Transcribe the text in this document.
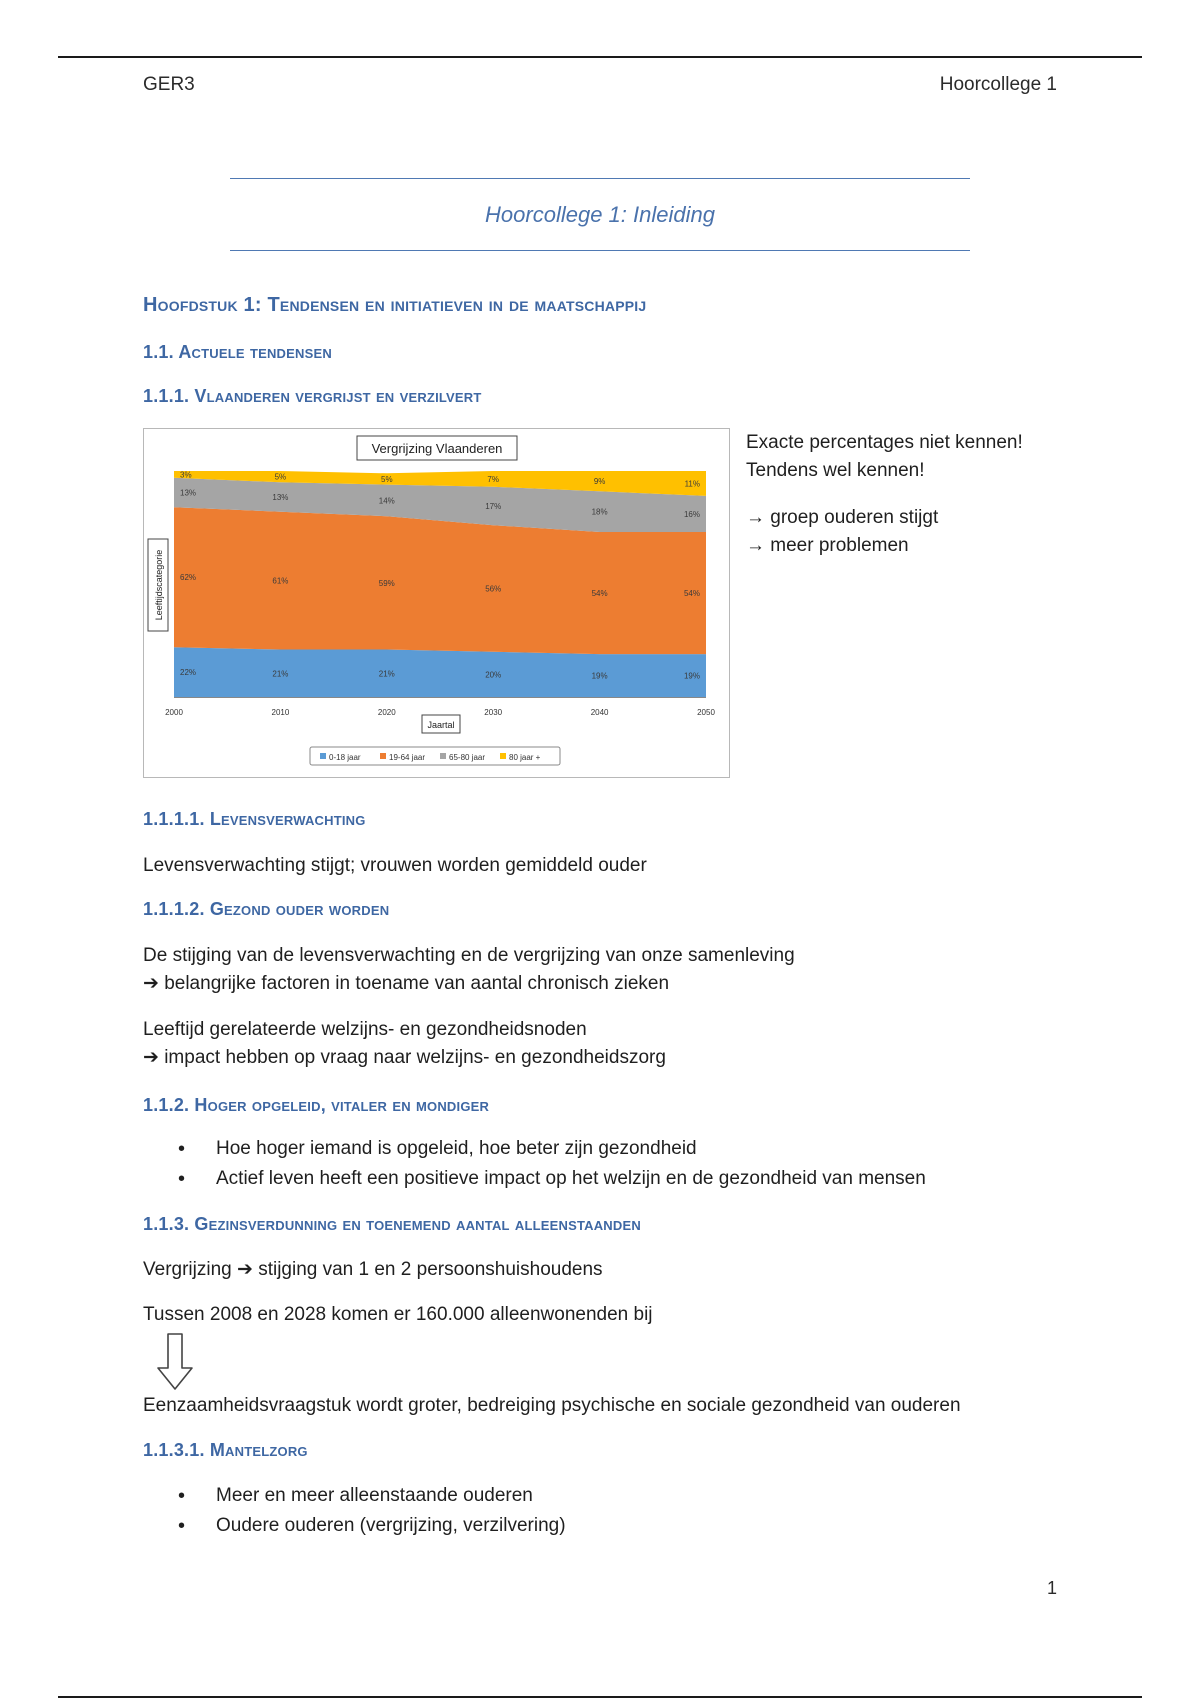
GER3	Hoorcollege 1
Hoorcollege 1: Inleiding
Hoofdstuk 1: Tendensen en initiatieven in de maatschappij
1.1. Actuele tendensen
1.1.1. Vlaanderen vergrijst en verzilvert
22%	21%	21%	20%	19%	19%
62%	61%	59%
56%	54%	54%
13%	13%	14%
17%
18%	16%
3%	5%	5%	7%	9%	11%
2000	2010	2020	2030	2040	2050
Vergrijzing Vlaanderen
Leeftijdscategorie
Jaartal
0-18 jaar	19-64 jaar	65-80 jaar	80 jaar +
Exacte percentages niet kennen!
Tendens wel kennen!
→ groep ouderen stijgt
→ meer problemen
1.1.1.1. Levensverwachting
Levensverwachting stijgt; vrouwen worden gemiddeld ouder
1.1.1.2. Gezond ouder worden
De stijging van de levensverwachting en de vergrijzing van onze samenleving
➔ belangrijke factoren in toename van aantal chronisch zieken
Leeftijd gerelateerde welzijns- en gezondheidsnoden
➔ impact hebben op vraag naar welzijns- en gezondheidszorg
1.1.2. Hoger opgeleid, vitaler en mondiger
• Hoe hoger iemand is opgeleid, hoe beter zijn gezondheid
• Actief leven heeft een positieve impact op het welzijn en de gezondheid van mensen
1.1.3. Gezinsverdunning en toenemend aantal alleenstaanden
Vergrijzing ➔ stijging van 1 en 2 persoonshuishoudens
Tussen 2008 en 2028 komen er 160.000 alleenwonenden bij
Eenzaamheidsvraagstuk wordt groter, bedreiging psychische en sociale gezondheid van ouderen
1.1.3.1. Mantelzorg
• Meer en meer alleenstaande ouderen
• Oudere ouderen (vergrijzing, verzilvering)
1
